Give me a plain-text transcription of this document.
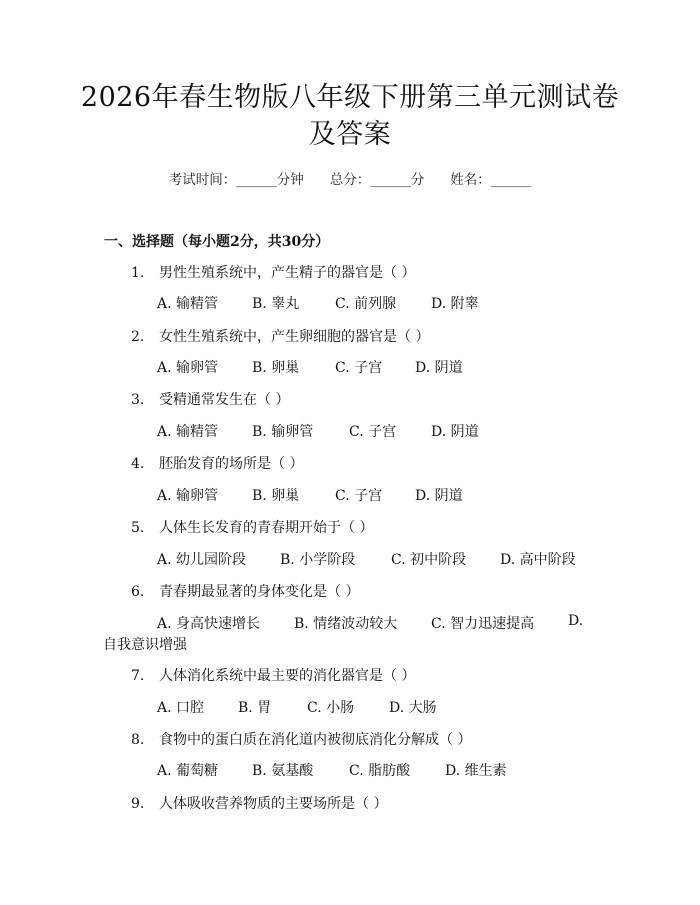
2026年春生物版八年级下册第三单元测试卷
及答案
考试时间：______分钟 总分：______分 姓名：______
一、选择题（每小题2分，共30分）
1. 男性生殖系统中，产生精子的器官是（ ）
A. 输精管 B. 睾丸	C. 前列腺 D. 附睾
2. 女性生殖系统中，产生卵细胞的器官是（ ）
A. 输卵管 B. 卵巢	C. 子宫 D. 阴道
3. 受精通常发生在（ ）
A. 输精管 B. 输卵管	C. 子宫 D. 阴道
4. 胚胎发育的场所是（ ）
A. 输卵管 B. 卵巢	C. 子宫 D. 阴道
5. 人体生长发育的青春期开始于（ ）
A. 幼儿园阶段 B. 小学阶段	C. 初中阶段 D. 高中阶段
6. 青春期最显著的身体变化是（ ）
A. 身高快速增长 B. 情绪波动较大 C. 智力迅速提高 D.
自我意识增强
7. 人体消化系统中最主要的消化器官是（ ）
A. 口腔 B. 胃	C. 小肠 D. 大肠
8. 食物中的蛋白质在消化道内被彻底消化分解成（ ）
A. 葡萄糖 B. 氨基酸	C. 脂肪酸 D. 维生素
9. 人体吸收营养物质的主要场所是（ ）
